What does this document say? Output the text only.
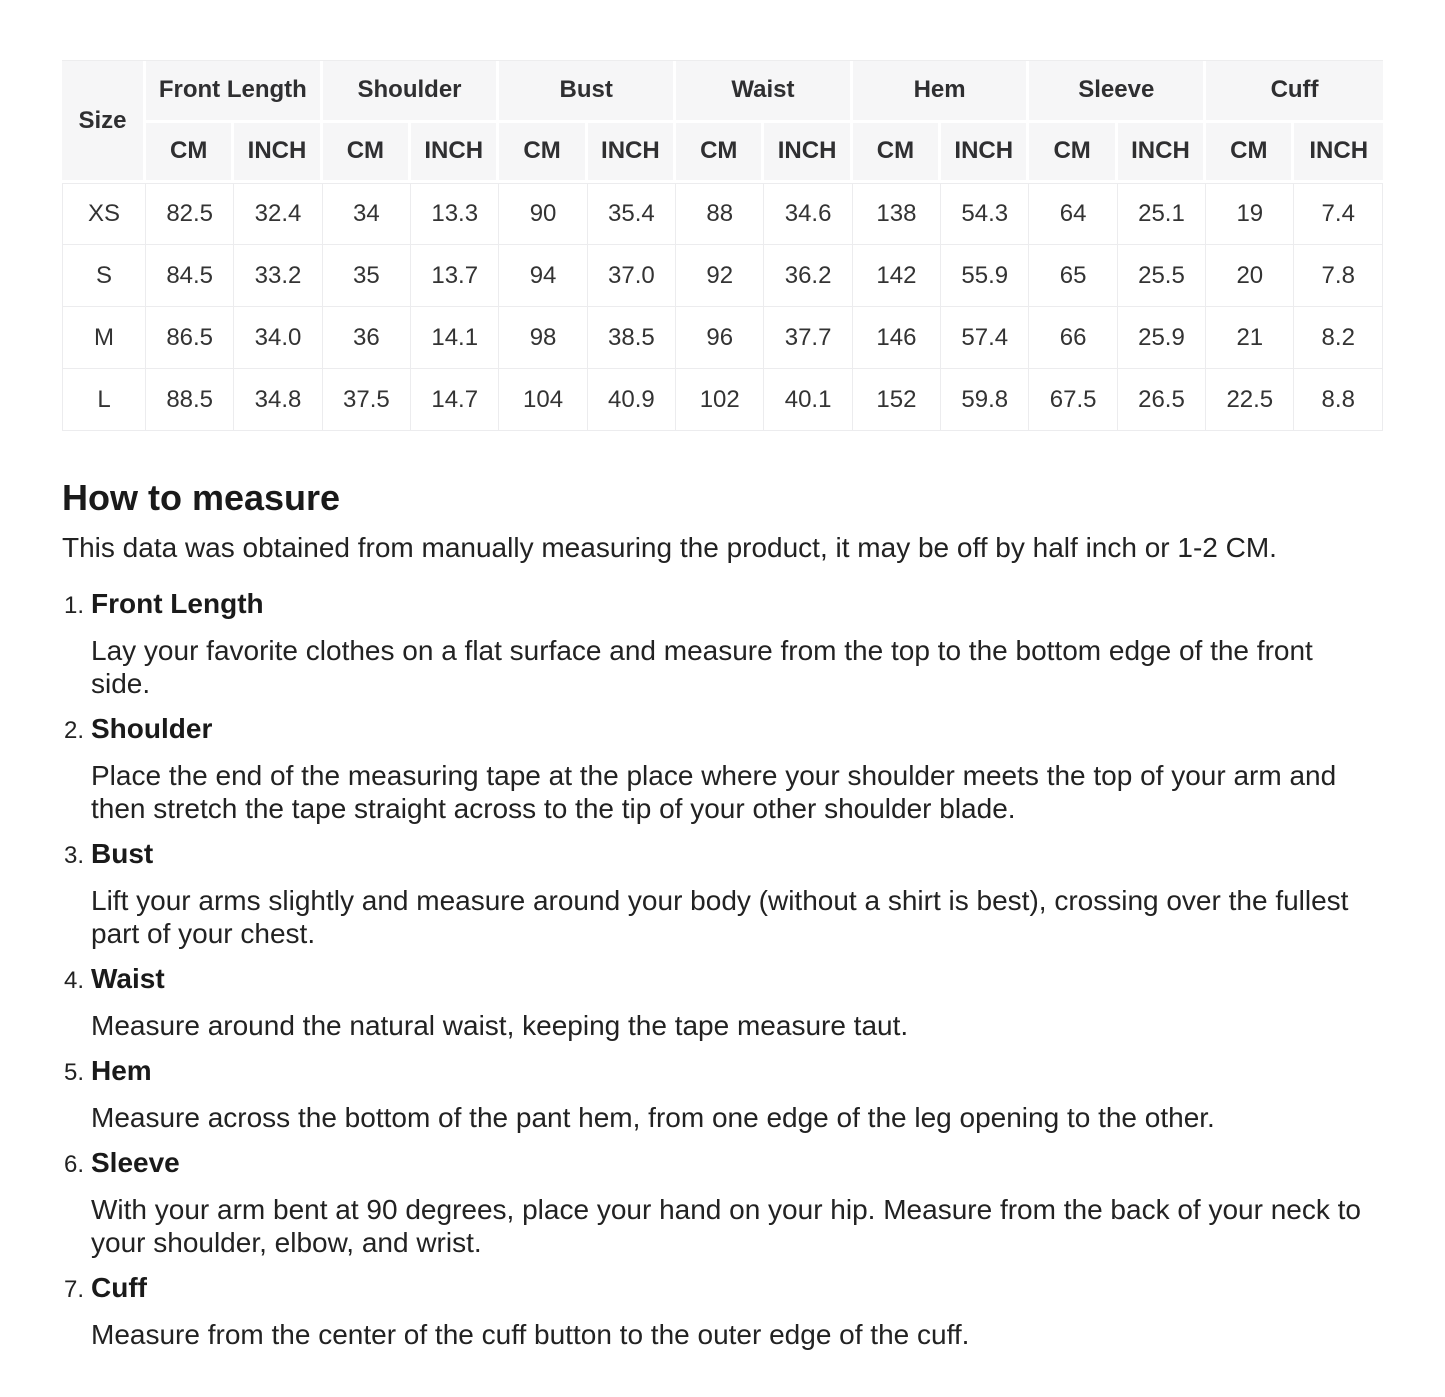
Size	Front Length		Shoulder		Bust		Waist		Hem		Sleeve		Cuff	
	CM	INCH	CM	INCH	CM	INCH	CM	INCH	CM	INCH	CM	INCH	CM	INCH
XS	82.5	32.4	34	13.3	90	35.4	88	34.6	138	54.3	64	25.1	19	7.4
S	84.5	33.2	35	13.7	94	37.0	92	36.2	142	55.9	65	25.5	20	7.8
M	86.5	34.0	36	14.1	98	38.5	96	37.7	146	57.4	66	25.9	21	8.2
L	88.5	34.8	37.5	14.7	104	40.9	102	40.1	152	59.8	67.5	26.5	22.5	8.8
How to measure

This data was obtained from manually measuring the product, it may be off by half inch or 1-2 CM.

1. Front Length

Lay your favorite clothes on a flat surface and measure from the top to the bottom edge of the front side.

2. Shoulder

Place the end of the measuring tape at the place where your shoulder meets the top of your arm and then stretch the tape straight across to the tip of your other shoulder blade.

3. Bust

Lift your arms slightly and measure around your body (without a shirt is best), crossing over the fullest part of your chest.

4. Waist

Measure around the natural waist, keeping the tape measure taut.

5. Hem

Measure across the bottom of the pant hem, from one edge of the leg opening to the other.

6. Sleeve

With your arm bent at 90 degrees, place your hand on your hip. Measure from the back of your neck to your shoulder, elbow, and wrist.

7. Cuff

Measure from the center of the cuff button to the outer edge of the cuff.
